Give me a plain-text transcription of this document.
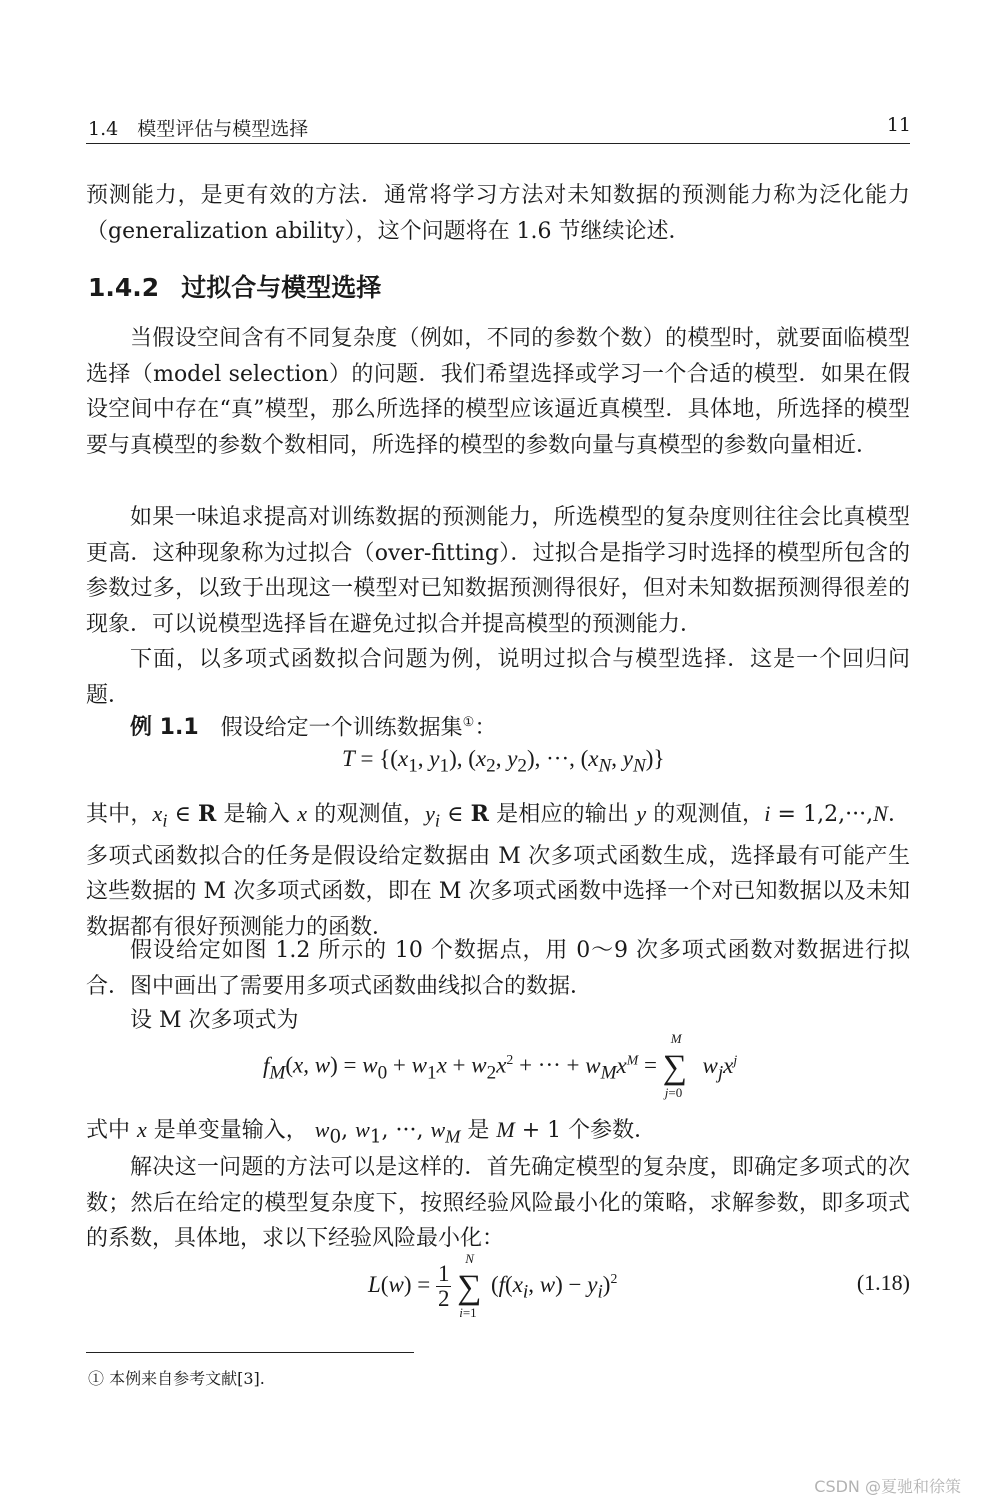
1.4　模型评估与模型选择	11
预测能力，是更有效的方法．通常将学习方法对未知数据的预测能力称为泛化能力（generalization ability），这个问题将在 1.6 节继续论述．
1.4.2 过拟合与模型选择
当假设空间含有不同复杂度（例如，不同的参数个数）的模型时，就要面临模型选择（model selection）的问题．我们希望选择或学习一个合适的模型．如果在假设空间中存在“真”模型，那么所选择的模型应该逼近真模型．具体地，所选择的模型要与真模型的参数个数相同，所选择的模型的参数向量与真模型的参数向量相近．
如果一味追求提高对训练数据的预测能力，所选模型的复杂度则往往会比真模型更高．这种现象称为过拟合（over-fitting）．过拟合是指学习时选择的模型所包含的参数过多，以致于出现这一模型对已知数据预测得很好，但对未知数据预测得很差的现象．可以说模型选择旨在避免过拟合并提高模型的预测能力．
下面，以多项式函数拟合问题为例，说明过拟合与模型选择．这是一个回归问题．
例 1.1 假设给定一个训练数据集①：
$T = \{(x_1$, $y_1$), ($x_2$, $y_2$), ···, ($x_N$, $y_N$)}
其中，$x_i$ ∈ R 是输入 x 的观测值，$y_i$ ∈ R 是相应的输出 y 的观测值，i = 1,2,···,N．多项式函数拟合的任务是假设给定数据由 M 次多项式函数生成，选择最有可能产生这些数据的 M 次多项式函数，即在 M 次多项式函数中选择一个对已知数据以及未知数据都有很好预测能力的函数．
假设给定如图 1.2 所示的 10 个数据点，用 0～9 次多项式函数对数据进行拟合．图中画出了需要用多项式函数曲线拟合的数据．
设 M 次多项式为
$f_M(x$, $w) = w_0 + w_1x + w_2x^2$ + ··· + $w_Mx^M$ = ∑
M
j=0
$w_jx^j$
式中 x 是单变量输入， $w_0$, $w_1$, ···, $w_M$ 是 M + 1 个参数．
解决这一问题的方法可以是这样的．首先确定模型的复杂度，即确定多项式的次数；然后在给定的模型复杂度下，按照经验风险最小化的策略，求解参数，即多项式的系数，具体地，求以下经验风险最小化：
$L(w) = \frac{1}{2}$
∑
N
i=1
($f(x_i$, $w) - y_i)^2$	(1.18)
① 本例来自参考文献[3].
CSDN @夏驰和徐策
